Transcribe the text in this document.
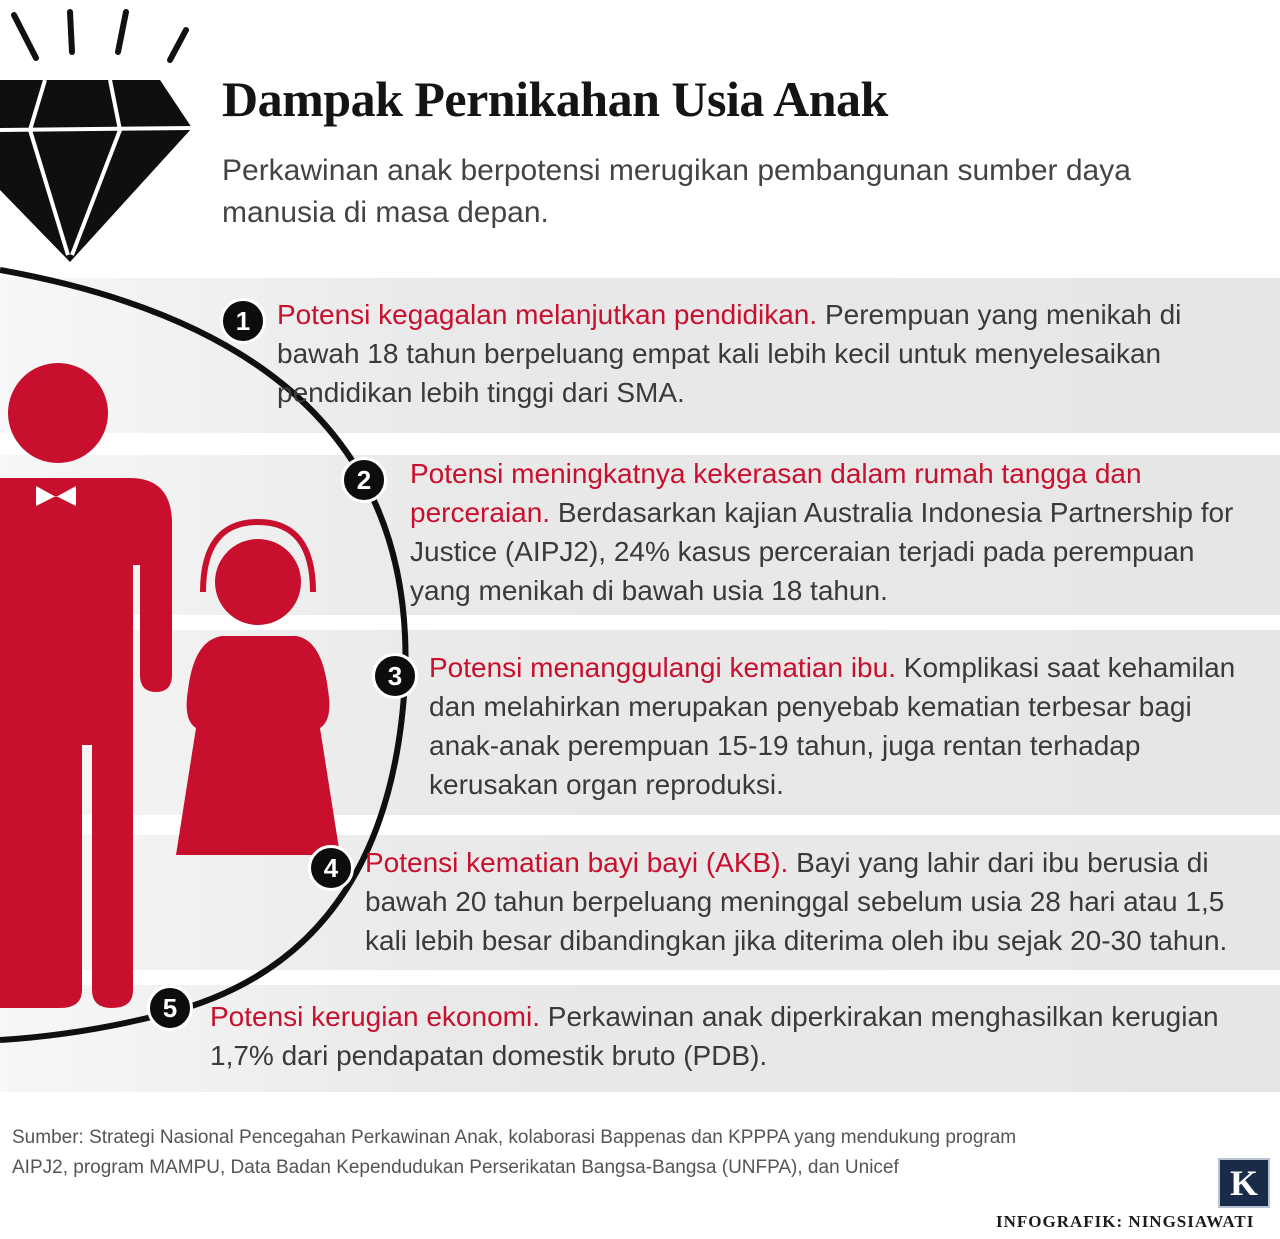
1
2
3
4
5
Dampak Pernikahan Usia Anak

Perkawinan anak berpotensi merugikan pembangunan sumber daya manusia di masa depan.

Potensi kegagalan melanjutkan pendidikan. Perempuan yang menikah di bawah 18 tahun berpeluang empat kali lebih kecil untuk menyelesaikan pendidikan lebih tinggi dari SMA.
Potensi meningkatnya kekerasan dalam rumah tangga dan perceraian. Berdasarkan kajian Australia Indonesia Partnership for Justice (AIPJ2), 24% kasus perceraian terjadi pada perempuan yang menikah di bawah usia 18 tahun.
Potensi menanggulangi kematian ibu. Komplikasi saat kehamilan dan melahirkan merupakan penyebab kematian terbesar bagi anak-anak perempuan 15-19 tahun, juga rentan terhadap kerusakan organ reproduksi.
Potensi kematian bayi bayi (AKB). Bayi yang lahir dari ibu berusia di bawah 20 tahun berpeluang meninggal sebelum usia 28 hari atau 1,5 kali lebih besar dibandingkan jika diterima oleh ibu sejak 20-30 tahun.
Potensi kerugian ekonomi. Perkawinan anak diperkirakan menghasilkan kerugian 1,7% dari pendapatan domestik bruto (PDB).

Sumber: Strategi Nasional Pencegahan Perkawinan Anak, kolaborasi Bappenas dan KPPPA yang mendukung program AIPJ2, program MAMPU, Data Badan Kependudukan Perserikatan Bangsa-Bangsa (UNFPA), dan Unicef	K

INFOGRAFIK: NINGSIAWATI
